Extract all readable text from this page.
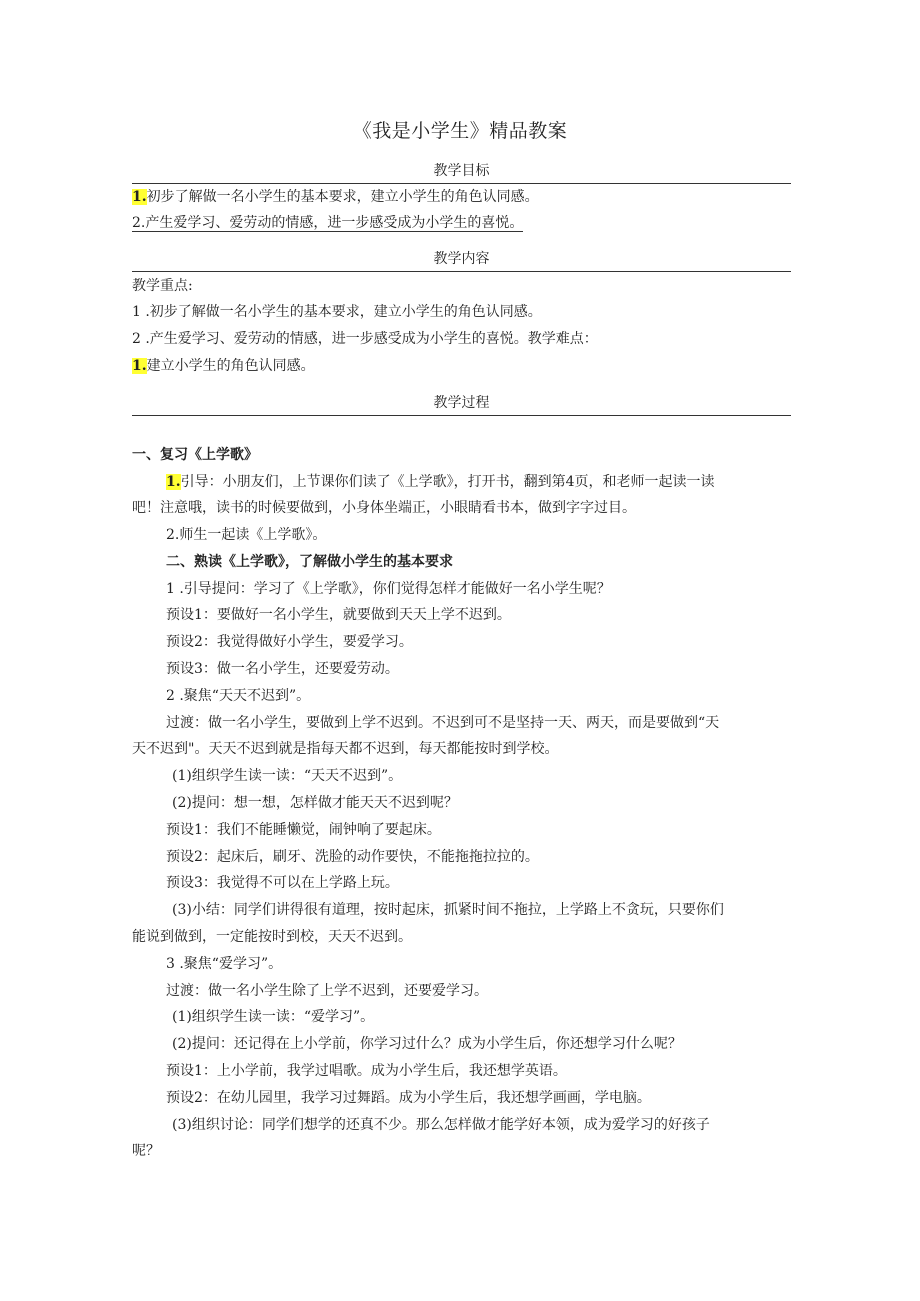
《我是小学生》精品教案
教学目标
1.初步了解做一名小学生的基本要求，建立小学生的角色认同感。
2.产生爱学习、爱劳动的情感，进一步感受成为小学生的喜悦。
教学内容
教学重点:
1 .初步了解做一名小学生的基本要求，建立小学生的角色认同感。
2 .产生爱学习、爱劳动的情感，进一步感受成为小学生的喜悦。教学难点：
1.建立小学生的角色认同感。
教学过程
一、复习《上学歌》
1.引导：小朋友们，上节课你们读了《上学歌》，打开书，翻到第4页，和老师一起读一读
吧！注意哦，读书的时候要做到，小身体坐端正，小眼睛看书本，做到字字过目。
2.师生一起读《上学歌》。
二、熟读《上学歌》，了解做小学生的基本要求
1 .引导提问：学习了《上学歌》，你们觉得怎样才能做好一名小学生呢？
预设1：要做好一名小学生，就要做到天天上学不迟到。
预设2：我觉得做好小学生，要爱学习。
预设3：做一名小学生，还要爱劳动。
2 .聚焦“天天不迟到”。
过渡：做一名小学生，要做到上学不迟到。不迟到可不是坚持一天、两天，而是要做到“天
天不迟到"。天天不迟到就是指每天都不迟到，每天都能按时到学校。
(1)组织学生读一读：“天天不迟到”。
(2)提问：想一想，怎样做才能天天不迟到呢？
预设1：我们不能睡懒觉，闹钟响了要起床。
预设2：起床后，刷牙、洗脸的动作要快，不能拖拖拉拉的。
预设3：我觉得不可以在上学路上玩。
(3)小结：同学们讲得很有道理，按时起床，抓紧时间不拖拉，上学路上不贪玩，只要你们
能说到做到，一定能按时到校，天天不迟到。
3 .聚焦“爱学习”。
过渡：做一名小学生除了上学不迟到，还要爱学习。
(1)组织学生读一读：“爱学习”。
(2)提问：还记得在上小学前，你学习过什么？成为小学生后，你还想学习什么呢？
预设1：上小学前，我学过唱歌。成为小学生后，我还想学英语。
预设2：在幼儿园里，我学习过舞蹈。成为小学生后，我还想学画画，学电脑。
(3)组织讨论：同学们想学的还真不少。那么怎样做才能学好本领，成为爱学习的好孩子
呢？
